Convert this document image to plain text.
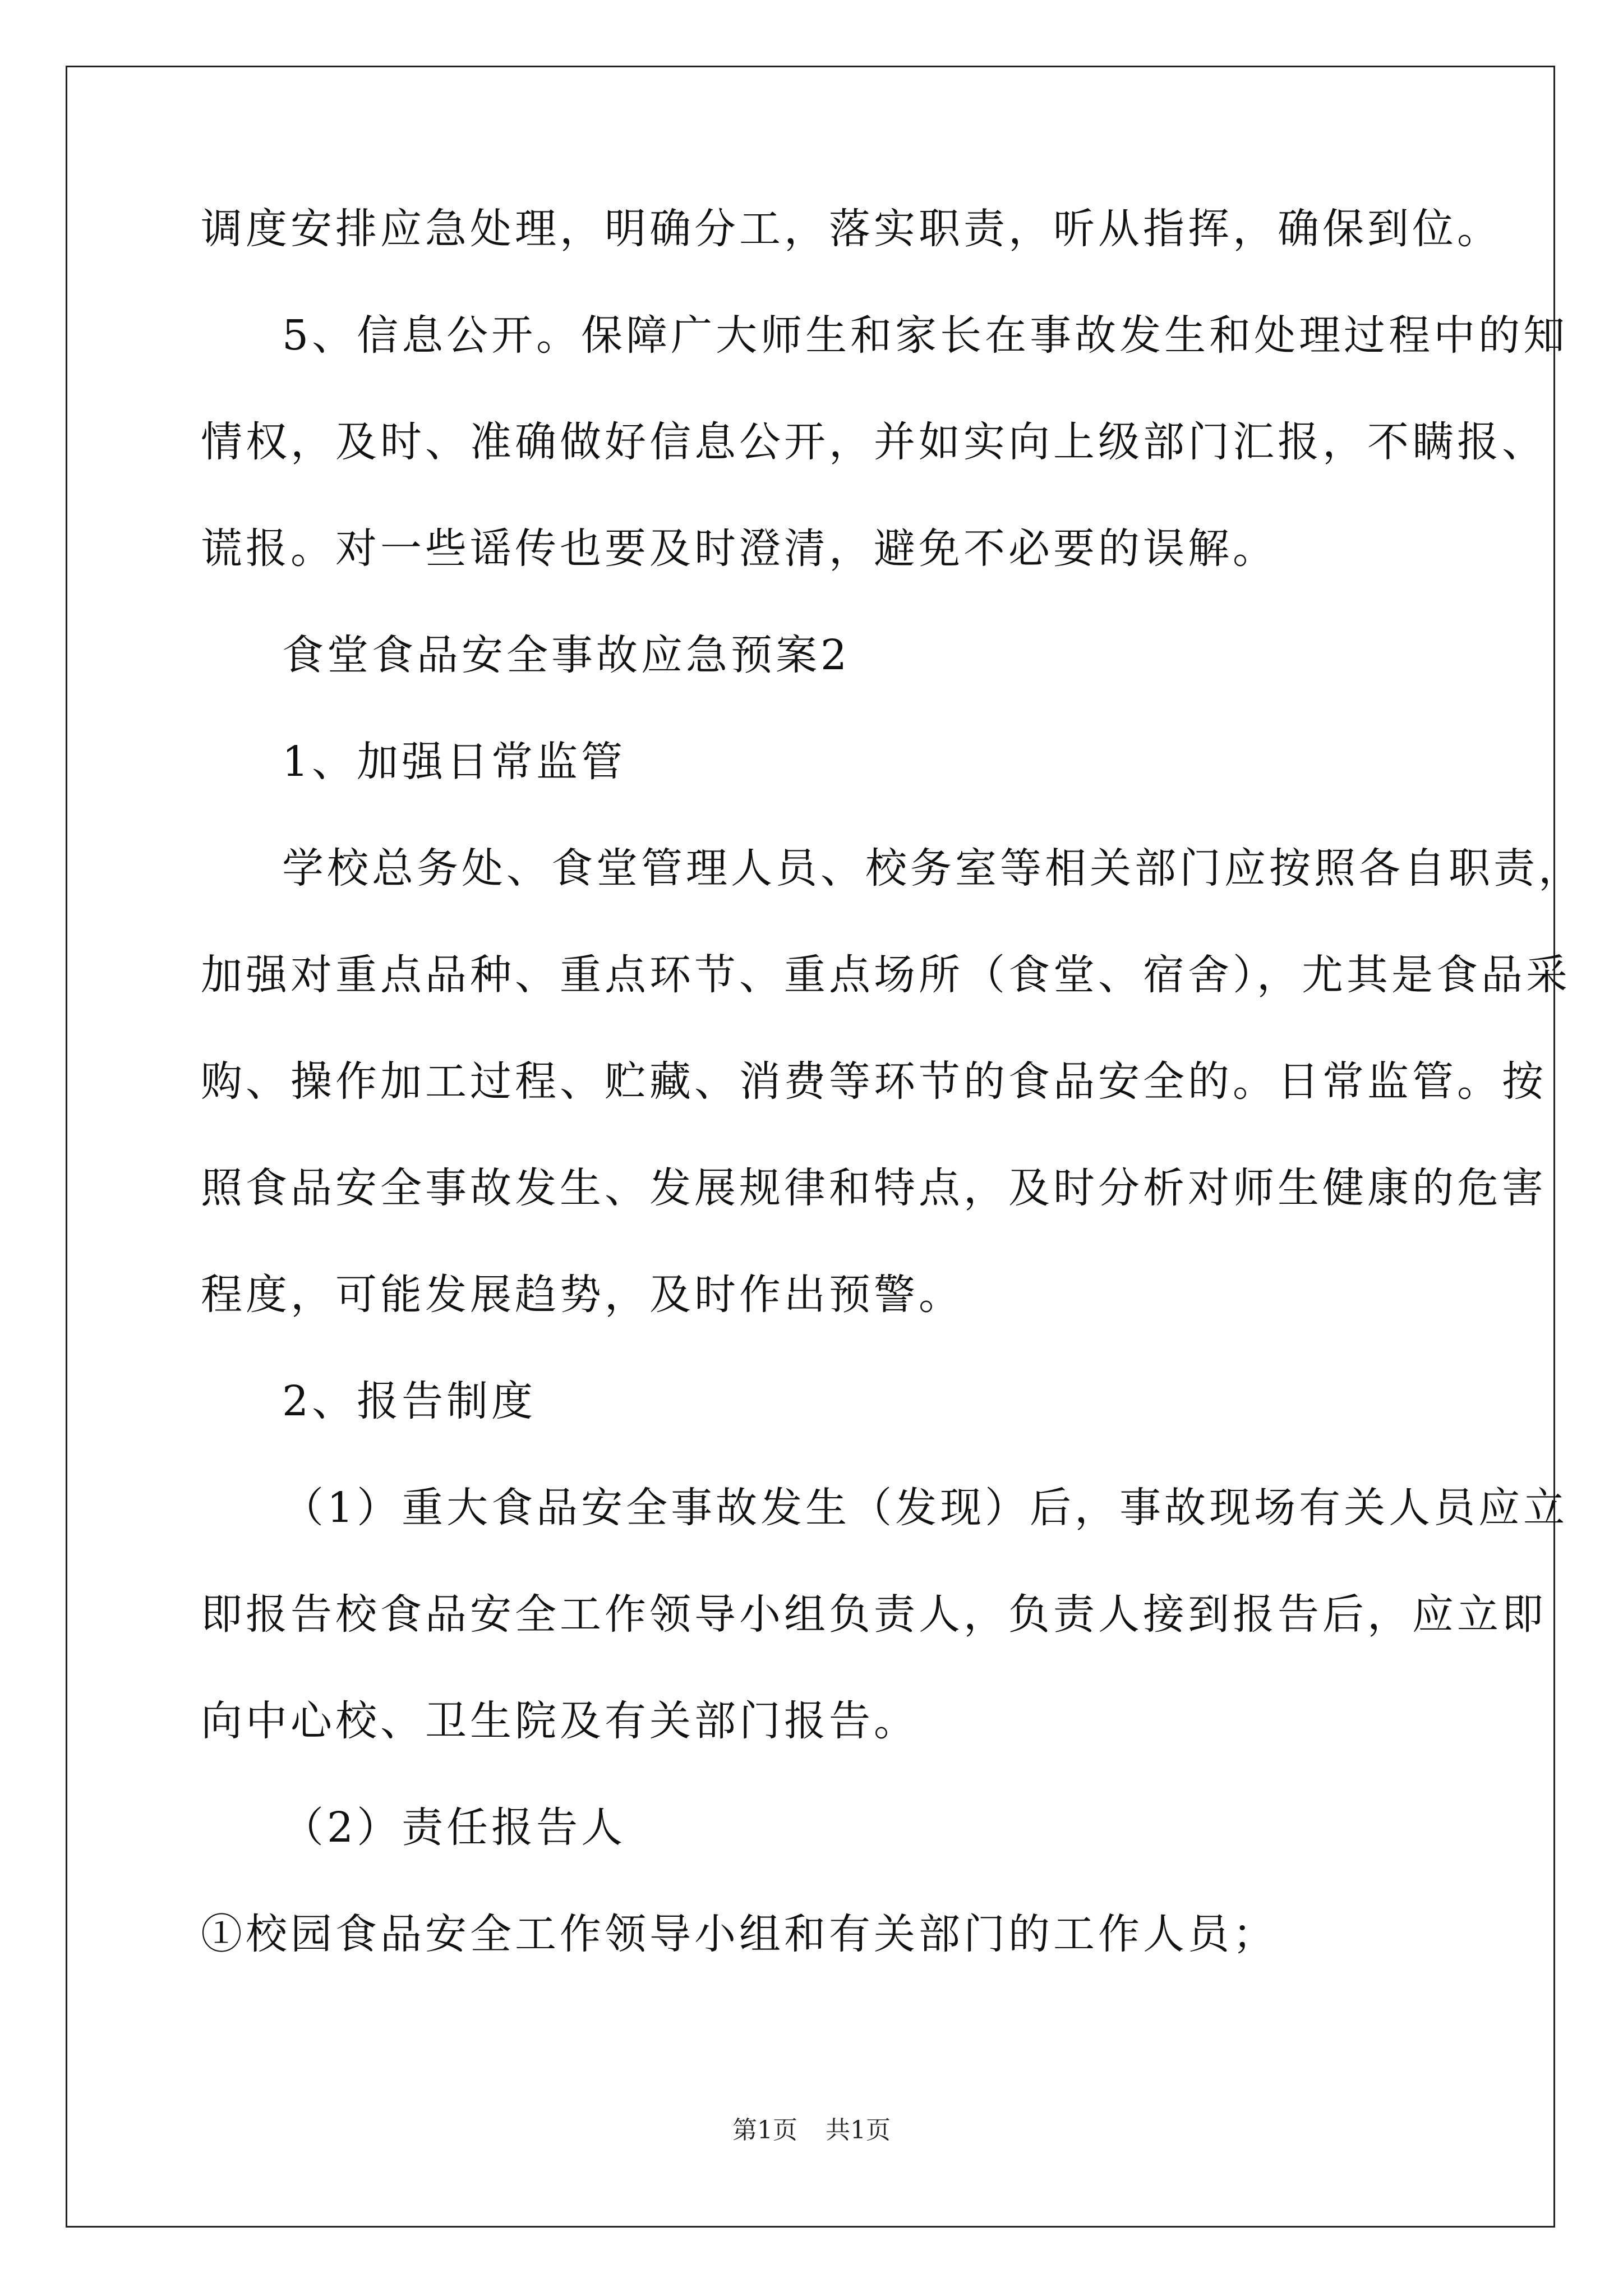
调度安排应急处理，明确分工，落实职责，听从指挥，确保到位。
5、信息公开。保障广大师生和家长在事故发生和处理过程中的知
情权，及时、准确做好信息公开，并如实向上级部门汇报，不瞒报、
谎报。对一些谣传也要及时澄清，避免不必要的误解。
食堂食品安全事故应急预案2
1、加强日常监管
学校总务处、食堂管理人员、校务室等相关部门应按照各自职责，
加强对重点品种、重点环节、重点场所（食堂、宿舍），尤其是食品采
购、操作加工过程、贮藏、消费等环节的食品安全的。日常监管。按
照食品安全事故发生、发展规律和特点，及时分析对师生健康的危害
程度，可能发展趋势，及时作出预警。
2、报告制度
（1）重大食品安全事故发生（发现）后，事故现场有关人员应立
即报告校食品安全工作领导小组负责人，负责人接到报告后，应立即
向中心校、卫生院及有关部门报告。
（2）责任报告人
①校园食品安全工作领导小组和有关部门的工作人员；
第1页 共1页
